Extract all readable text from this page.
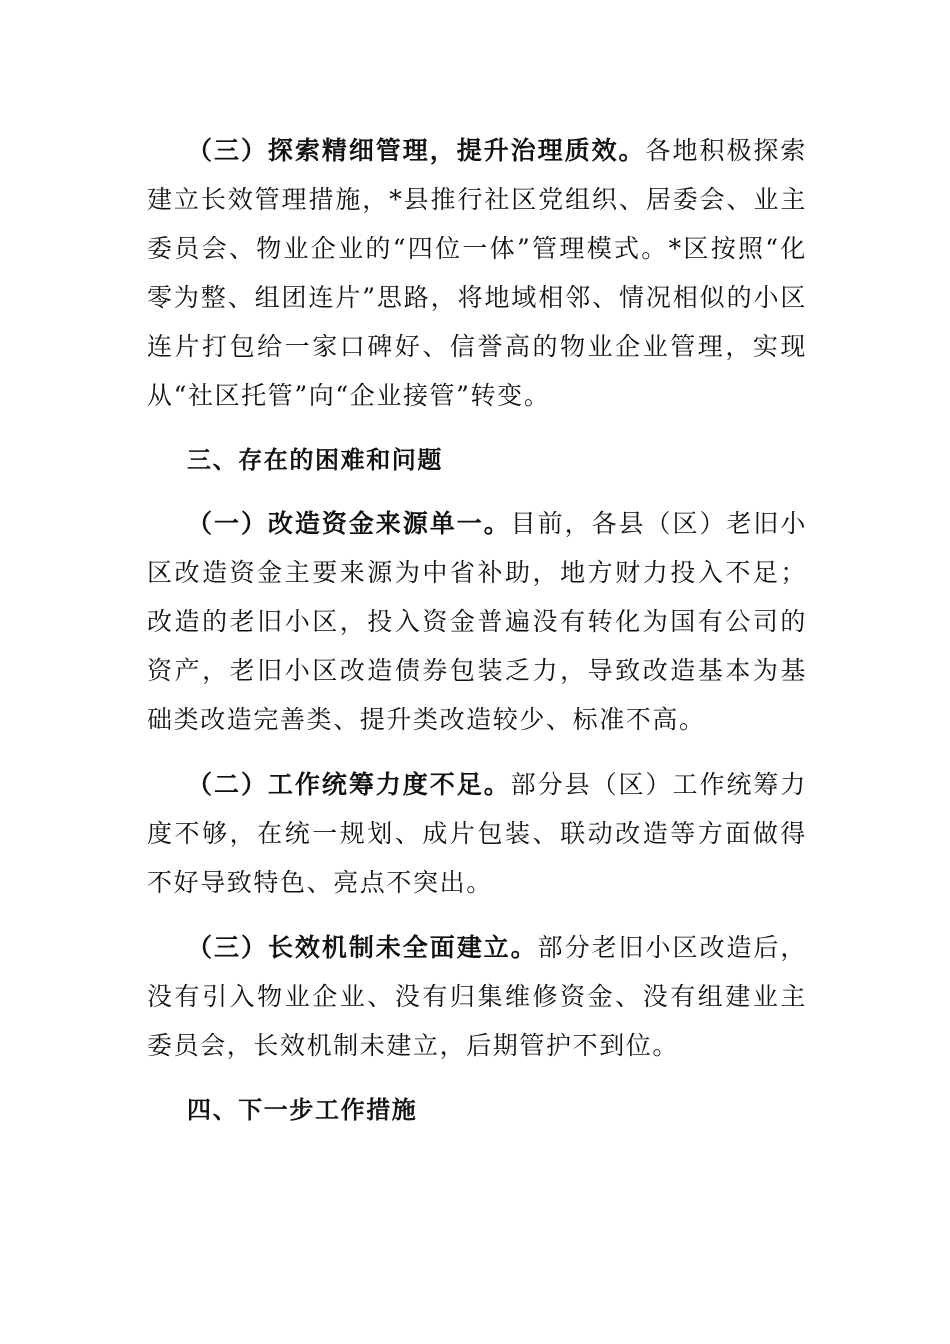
（三）探索精细管理，提升治理质效。各地积极探索建立长效管理措施，*县推行社区党组织、居委会、业主委员会、物业企业的“四位一体”管理模式。*区按照“化零为整、组团连片”思路，将地域相邻、情况相似的小区连片打包给一家口碑好、信誉高的物业企业管理，实现从“社区托管”向“企业接管”转变。

三、存在的困难和问题

（一）改造资金来源单一。目前，各县（区）老旧小区改造资金主要来源为中省补助，地方财力投入不足；改造的老旧小区，投入资金普遍没有转化为国有公司的资产，老旧小区改造债券包装乏力，导致改造基本为基础类改造完善类、提升类改造较少、标准不高。

（二）工作统筹力度不足。部分县（区）工作统筹力度不够，在统一规划、成片包装、联动改造等方面做得不好导致特色、亮点不突出。

（三）长效机制未全面建立。部分老旧小区改造后，没有引入物业企业、没有归集维修资金、没有组建业主委员会，长效机制未建立，后期管护不到位。

四、下一步工作措施
